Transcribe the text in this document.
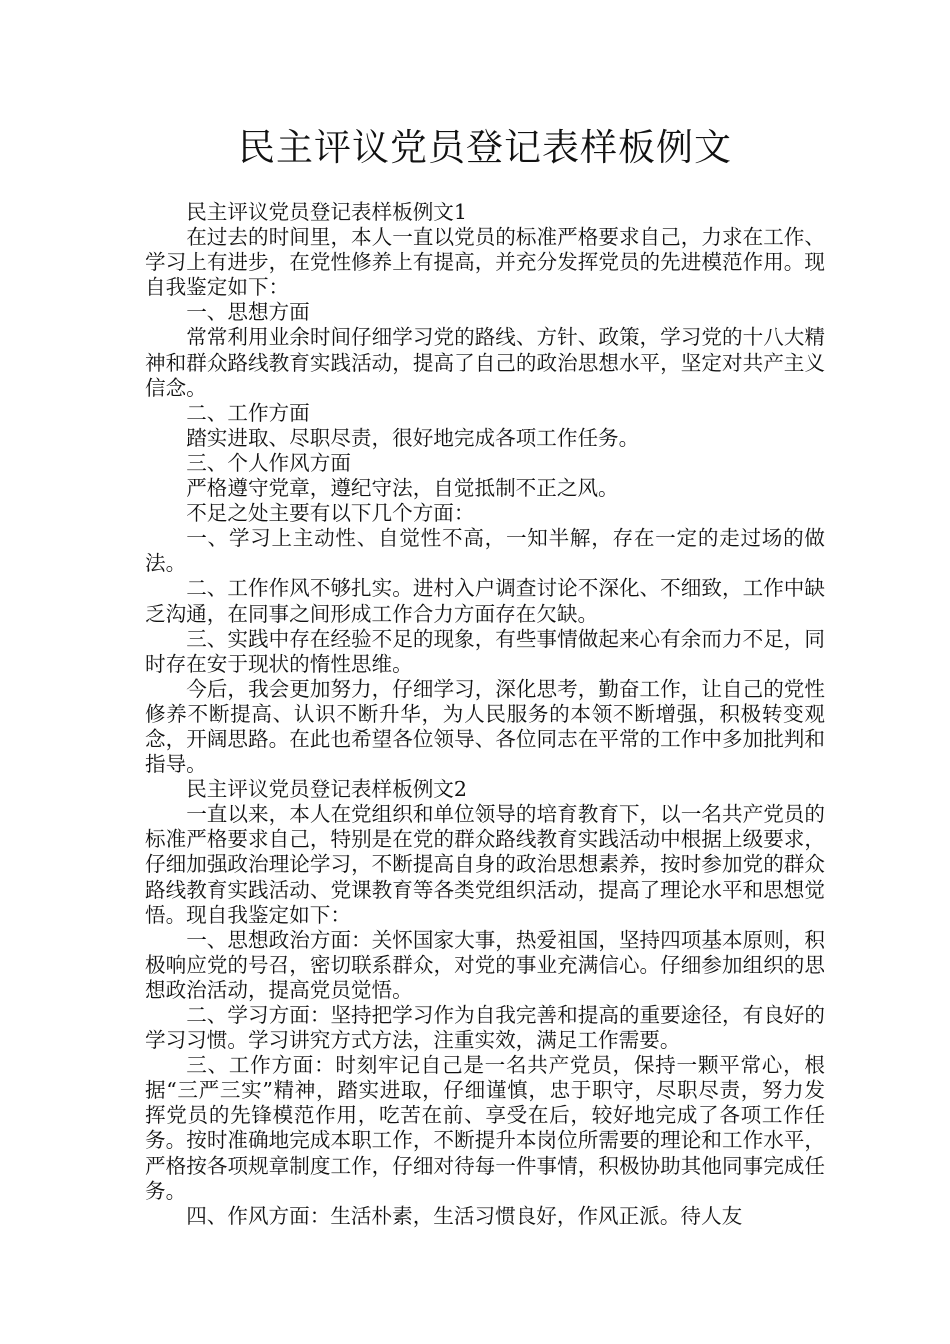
民主评议党员登记表样板例文

民主评议党员登记表样板例文1

在过去的时间里，本人一直以党员的标准严格要求自己，力求在工作、学习上有进步，在党性修养上有提高，并充分发挥党员的先进模范作用。现自我鉴定如下：

一、思想方面

常常利用业余时间仔细学习党的路线、方针、政策，学习党的十八大精神和群众路线教育实践活动，提高了自己的政治思想水平，坚定对共产主义信念。

二、工作方面

踏实进取、尽职尽责，很好地完成各项工作任务。

三、个人作风方面

严格遵守党章，遵纪守法，自觉抵制不正之风。

不足之处主要有以下几个方面：

一、学习上主动性、自觉性不高，一知半解，存在一定的走过场的做法。

二、工作作风不够扎实。进村入户调查讨论不深化、不细致，工作中缺乏沟通，在同事之间形成工作合力方面存在欠缺。

三、实践中存在经验不足的现象，有些事情做起来心有余而力不足，同时存在安于现状的惰性思维。

今后，我会更加努力，仔细学习，深化思考，勤奋工作，让自己的党性修养不断提高、认识不断升华，为人民服务的本领不断增强，积极转变观念，开阔思路。在此也希望各位领导、各位同志在平常的工作中多加批判和指导。

民主评议党员登记表样板例文2

一直以来，本人在党组织和单位领导的培育教育下，以一名共产党员的标准严格要求自己，特别是在党的群众路线教育实践活动中根据上级要求，仔细加强政治理论学习，不断提高自身的政治思想素养，按时参加党的群众路线教育实践活动、党课教育等各类党组织活动，提高了理论水平和思想觉悟。现自我鉴定如下：

一、思想政治方面：关怀国家大事，热爱祖国，坚持四项基本原则，积极响应党的号召，密切联系群众，对党的事业充满信心。仔细参加组织的思想政治活动，提高党员觉悟。

二、学习方面：坚持把学习作为自我完善和提高的重要途径，有良好的学习习惯。学习讲究方式方法，注重实效，满足工作需要。

三、工作方面：时刻牢记自己是一名共产党员，保持一颗平常心，根据“三严三实”精神，踏实进取，仔细谨慎，忠于职守，尽职尽责，努力发挥党员的先锋模范作用，吃苦在前、享受在后，较好地完成了各项工作任务。按时准确地完成本职工作，不断提升本岗位所需要的理论和工作水平，严格按各项规章制度工作，仔细对待每一件事情，积极协助其他同事完成任务。

四、作风方面：生活朴素，生活习惯良好，作风正派。待人友
